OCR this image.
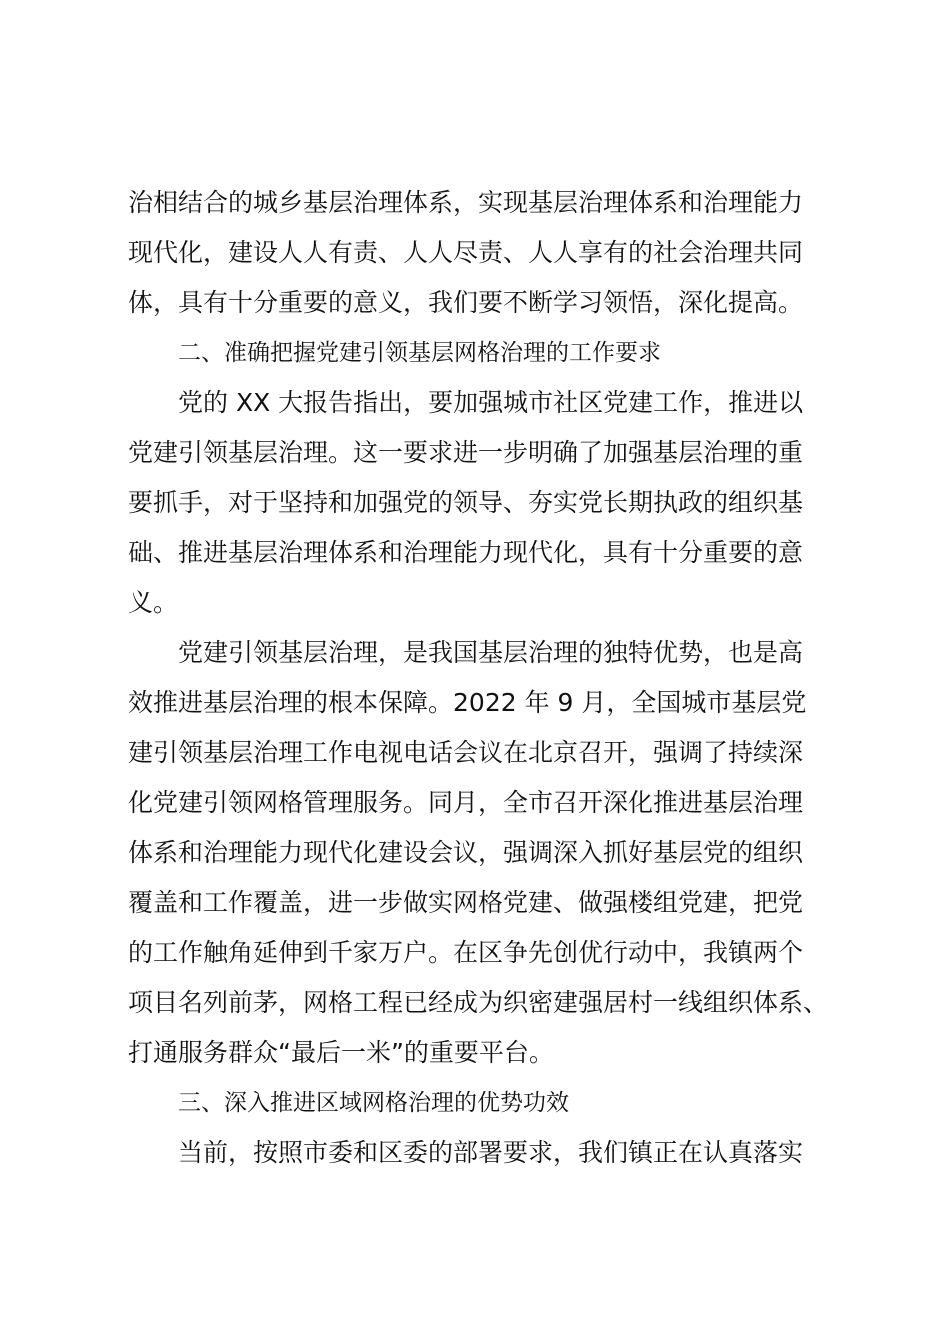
治相结合的城乡基层治理体系，实现基层治理体系和治理能力
现代化，建设人人有责、人人尽责、人人享有的社会治理共同
体，具有十分重要的意义，我们要不断学习领悟，深化提高。
二、准确把握党建引领基层网格治理的工作要求
党的 XX 大报告指出，要加强城市社区党建工作，推进以
党建引领基层治理。这一要求进一步明确了加强基层治理的重
要抓手，对于坚持和加强党的领导、夯实党长期执政的组织基
础、推进基层治理体系和治理能力现代化，具有十分重要的意
义。
党建引领基层治理，是我国基层治理的独特优势，也是高
效推进基层治理的根本保障。2022 年 9 月，全国城市基层党
建引领基层治理工作电视电话会议在北京召开，强调了持续深
化党建引领网格管理服务。同月，全市召开深化推进基层治理
体系和治理能力现代化建设会议，强调深入抓好基层党的组织
覆盖和工作覆盖，进一步做实网格党建、做强楼组党建，把党
的工作触角延伸到千家万户。在区争先创优行动中，我镇两个
项目名列前茅，网格工程已经成为织密建强居村一线组织体系、
打通服务群众“最后一米”的重要平台。
三、深入推进区域网格治理的优势功效
当前，按照市委和区委的部署要求，我们镇正在认真落实
